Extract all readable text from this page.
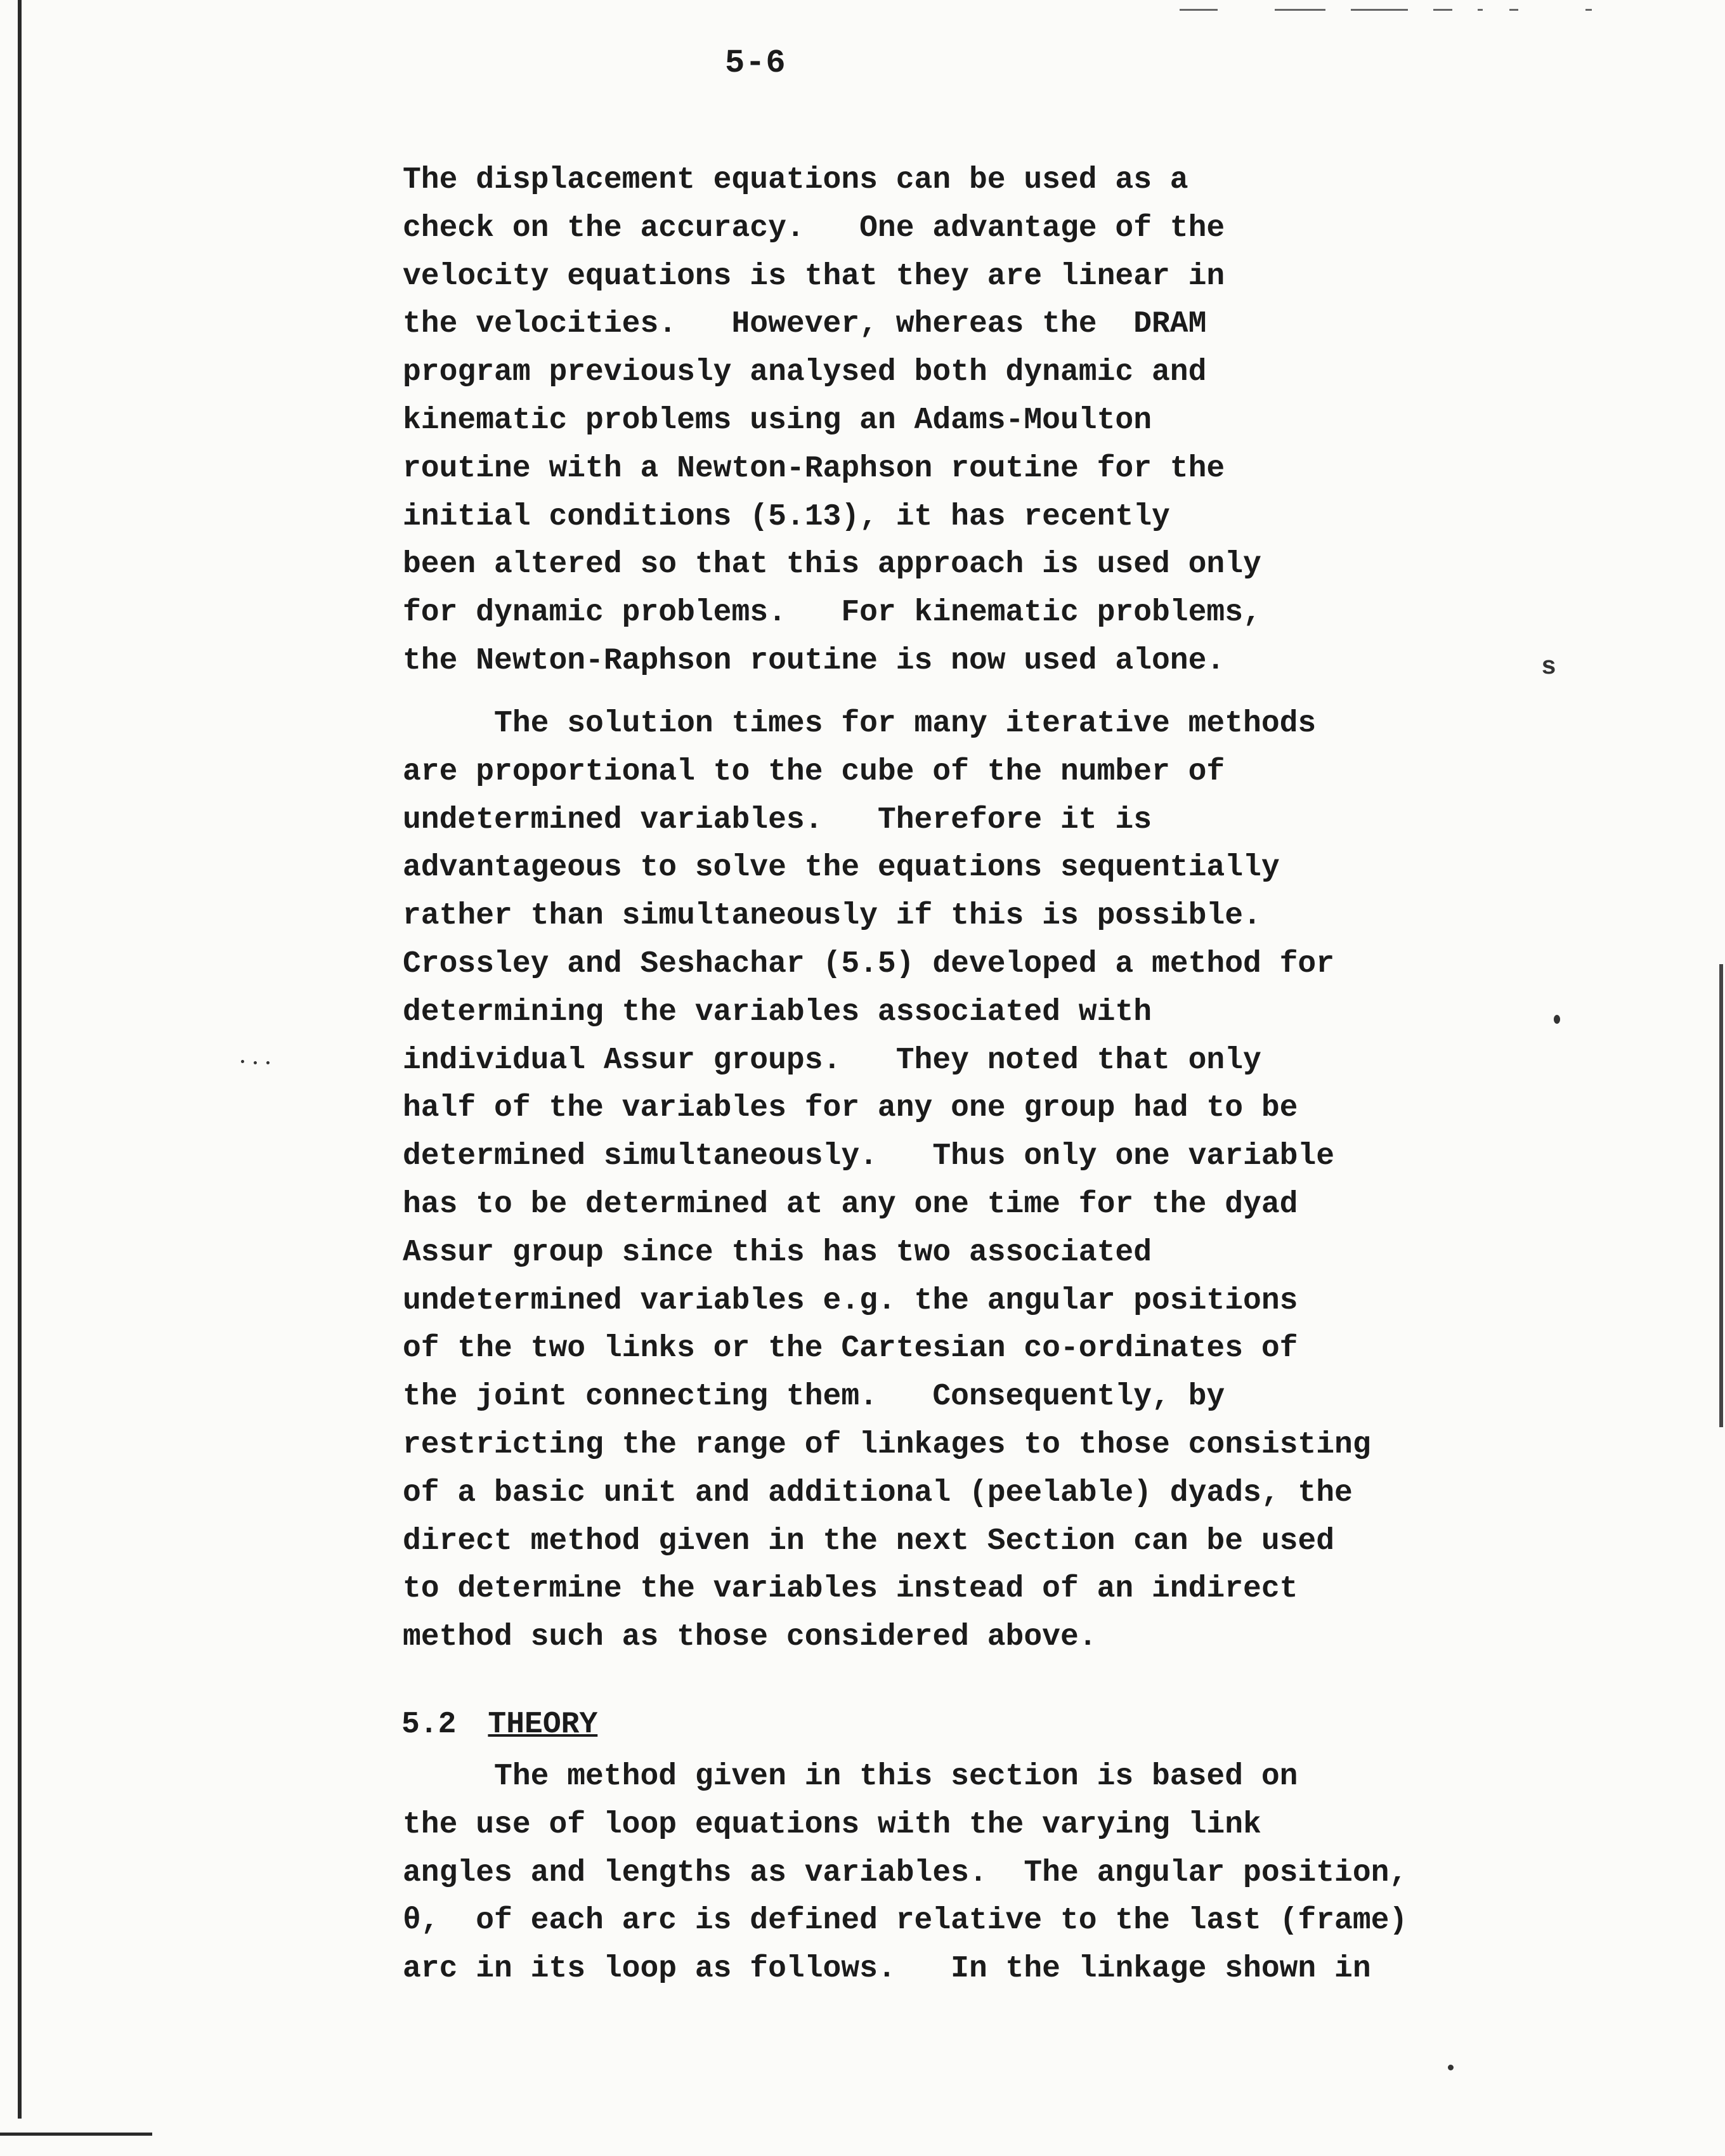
s
5-6
The displacement equations can be used as a
check on the accuracy.   One advantage of the
velocity equations is that they are linear in
the velocities.   However, whereas the  DRAM
program previously analysed both dynamic and
kinematic problems using an Adams-Moulton
routine with a Newton-Raphson routine for the
initial conditions (5.13), it has recently
been altered so that this approach is used only
for dynamic problems.   For kinematic problems,
the Newton-Raphson routine is now used alone.
The solution times for many iterative methods
are proportional to the cube of the number of
undetermined variables.   Therefore it is
advantageous to solve the equations sequentially
rather than simultaneously if this is possible.
Crossley and Seshachar (5.5) developed a method for
determining the variables associated with
individual Assur groups.   They noted that only
half of the variables for any one group had to be
determined simultaneously.   Thus only one variable
has to be determined at any one time for the dyad
Assur group since this has two associated
undetermined variables e.g. the angular positions
of the two links or the Cartesian co-ordinates of
the joint connecting them.   Consequently, by
restricting the range of linkages to those consisting
of a basic unit and additional (peelable) dyads, the
direct method given in the next Section can be used
to determine the variables instead of an indirect
method such as those considered above.
5.2 THEORY
The method given in this section is based on
the use of loop equations with the varying link
angles and lengths as variables.  The angular position,
θ,  of each arc is defined relative to the last (frame)
arc in its loop as follows.   In the linkage shown in
